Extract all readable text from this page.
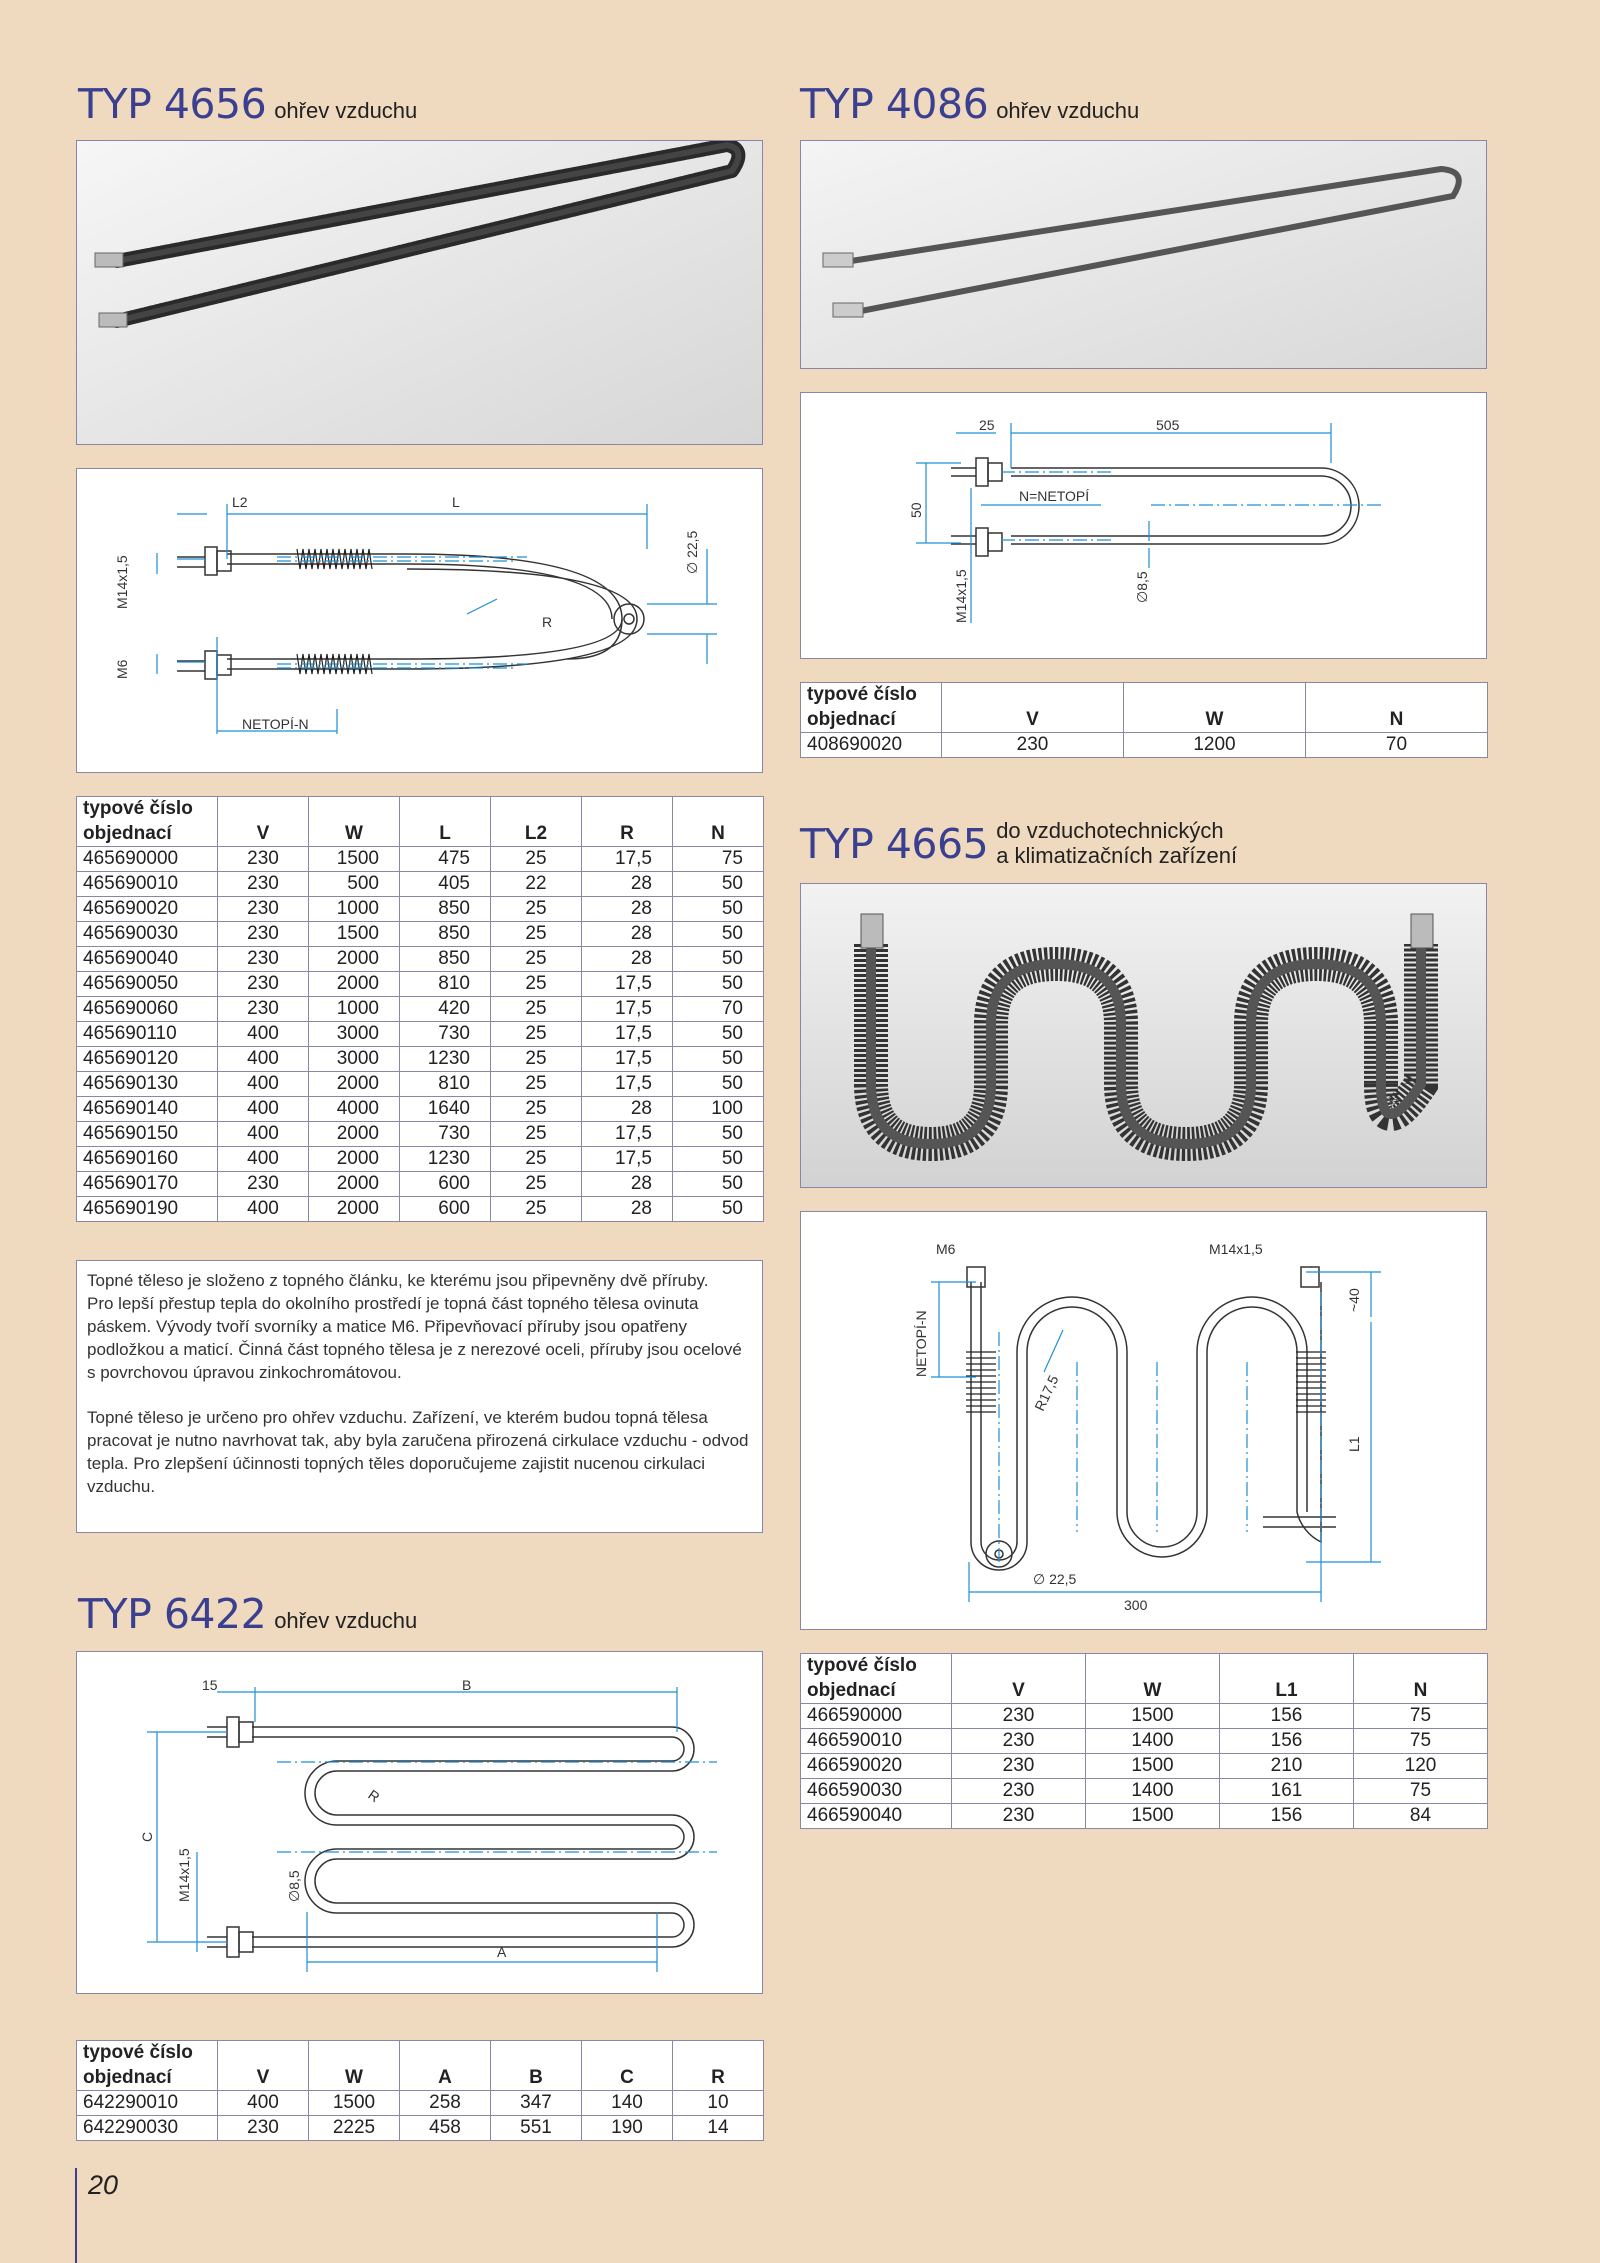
TYP 4656 ohřev vzduchu
L2	L
M14x1,5
M6
R
∅ 22,5
NETOPÍ-N
typové číslo						
objednací	V	W	L	L2	R	N
465690000	230	1500	475	25	17,5	75
465690010	230	500	405	22	28	50
465690020	230	1000	850	25	28	50
465690030	230	1500	850	25	28	50
465690040	230	2000	850	25	28	50
465690050	230	2000	810	25	17,5	50
465690060	230	1000	420	25	17,5	70
465690110	400	3000	730	25	17,5	50
465690120	400	3000	1230	25	17,5	50
465690130	400	2000	810	25	17,5	50
465690140	400	4000	1640	25	28	100
465690150	400	2000	730	25	17,5	50
465690160	400	2000	1230	25	17,5	50
465690170	230	2000	600	25	28	50
465690190	400	2000	600	25	28	50

Topné těleso je složeno z topného článku, ke kterému jsou připevněny dvě příruby.
Pro lepší přestup tepla do okolního prostředí je topná část topného tělesa ovinuta páskem. Vývody tvoří svorníky a matice M6. Připevňovací příruby jsou opatřeny podložkou a maticí. Činná část topného tělesa je z nerezové oceli, příruby jsou ocelové s povrchovou úpravou zinkochromátovou.

Topné těleso je určeno pro ohřev vzduchu. Zařízení, ve kterém budou topná tělesa pracovat je nutno navrhovat tak, aby byla zaručena přirozená cirkulace vzduchu - odvod tepla. Pro zlepšení účinnosti topných těles doporučujeme zajistit nucenou cirkulaci vzduchu.

TYP 6422 ohřev vzduchu
15	B
C
M14x1,5	∅8,5
R
A
typové číslo						
objednací	V	W	A	B	C	R
642290010	400	1500	258	347	140	10
642290030	230	2225	458	551	190	14
TYP 4086 ohřev vzduchu
25	505
50
N=NETOPÍ
M14x1,5	∅8,5
typové číslo			
objednací	V	W	N
408690020	230	1200	70
TYP 4665 do vzduchotechnických
a klimatizačních zařízení
M6	M14x1,5
NETOPÍ-N
R17,5
L1
~40
∅ 22,5
300
typové číslo				
objednací	V	W	L1	N
466590000	230	1500	156	75
466590010	230	1400	156	75
466590020	230	1500	210	120
466590030	230	1400	161	75
466590040	230	1500	156	84
20
